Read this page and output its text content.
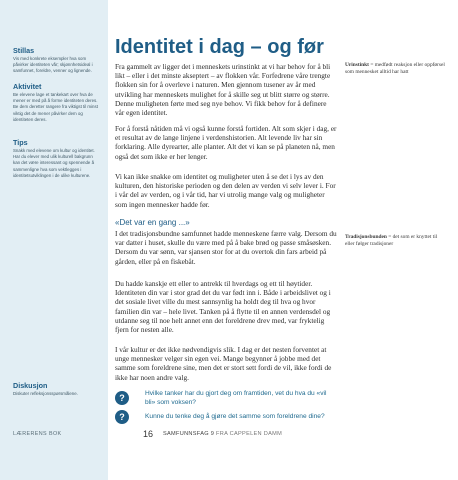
Stillas

Vis med konkrete eksempler hva som påvirker identiteten vår; skjønnhetsideal i samfunnet, foreldre, venner og lignende.

Aktivitet

Be elevene lage et tankekart over hva de mener er med på å forme identiteten deres. Be dem deretter rangere fra viktigst til minst viktig det de mener påvirker dem og identiteten deres.

Tips

Snakk med elevene om kultur og identitet. Har du elever med ulik kulturell bakgrunn kan det være interessant og spennende å sammenligne hva som vektlegges i identitetsutviklingen i de ulike kulturene.

Diskusjon

Diskuter refleksjonsspørsmålene.

LÆRERENS BOK
Identitet i dag – og før

Fra gammelt av ligger det i menneskets urinstinkt at vi har behov for å bli likt – eller i det minste akseptert – av flokken vår. Forfedrene våre trengte flokken sin for å overleve i naturen. Men gjennom tusener av år med utvikling har menneskets mulighet for å skille seg ut blitt større og større. Denne muligheten førte med seg nye behov. Vi fikk behov for å definere vår egen identitet.

For å forstå nåtiden må vi også kunne forstå fortiden. Alt som skjer i dag, er et resultat av de lange linjene i verdenshistorien. Alt levende liv har sin forklaring. Alle dyrearter, alle planter. Alt det vi kan se på planeten nå, men også det som ikke er her lenger.

Vi kan ikke snakke om identitet og muligheter uten å se det i lys av den kulturen, den historiske perioden og den delen av verden vi selv lever i. For i vår del av verden, og i vår tid, har vi utrolig mange valg og muligheter som ingen mennesker hadde før.

«Det var en gang ...»

I det tradisjonsbundne samfunnet hadde menneskene færre valg. Dersom du var datter i huset, skulle du være med på å bake brød og passe småsøsken. Dersom du var sønn, var sjansen stor for at du overtok din fars arbeid på gården, eller på en fiskebåt.

Du hadde kanskje ett eller to antrekk til hverdags og ett til høytider. Identiteten din var i stor grad det du var født inn i. Både i arbeidslivet og i det sosiale livet ville du mest sannsynlig ha holdt deg til hva og hvor familien din var – hele livet. Tanken på å flytte til en annen verdensdel og utdanne seg til noe helt annet enn det foreldrene drev med, var fryktelig fjern for nesten alle.

I vår kultur er det ikke nødvendigvis slik. I dag er det nesten forventet at unge mennesker velger sin egen vei. Mange begynner å jobbe med det samme som foreldrene sine, men det er stort sett fordi de vil, ikke fordi de ikke har noen andre valg.

?	Hvilke tanker har du gjort deg om framtiden, vet du hva du «vil bli» som voksen?

?	Kunne du tenke deg å gjøre det samme som foreldrene dine?

Urinstinkt = medfødt reaksjon eller oppførsel som mennesket alltid har hatt

Tradisjonsbunden = det som er knyttet til eller følger tradisjoner

16 SAMFUNNSFAG 9 FRA CAPPELEN DAMM
